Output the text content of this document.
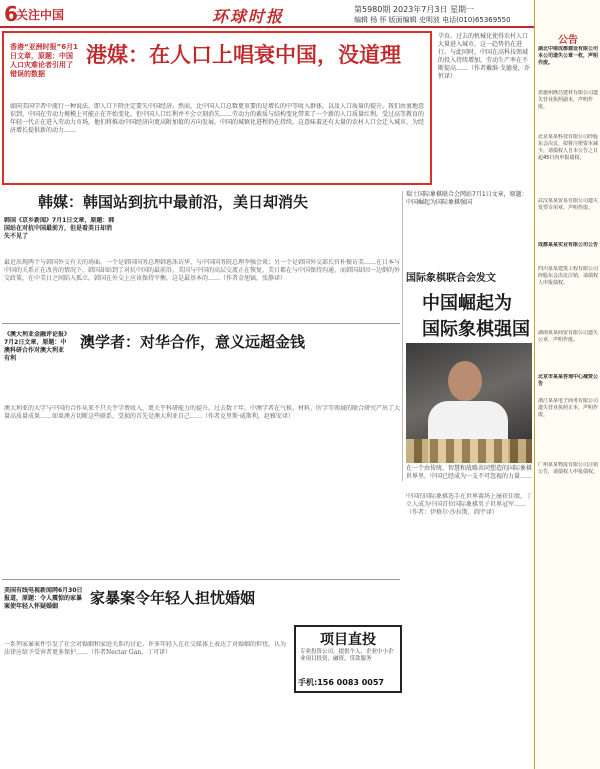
6
关注中国	环球时报	第5980期 2023年7月3日 星期一
编辑 杨 怀 版面编辑 史明波 电话(010)65369550
香港“亚洲时报”6月1日文章，原题：中国人口灾难论者引用了错误的数据
港媒：在人口上唱衰中国，没道理
如同美国学者中流行一种说法，即人口下降注定要失中国经济。然而，比中国人口总数更重要的是增长的中等收入群体，以及人口质量的提升。我们由衷地意识到，中国在劳动力规模上可能正在开始变化，但中国人口红利并不会立刻消失……劳动力的素质与结构变化带来了一个新的人口质量红利。受过高等教育的年轻一代正在进入劳动力市场，他们将推动中国经济向更高附加值的方向发展。中国的城镇化进程仍在持续，这意味着还有大量的农村人口会迁入城市，为经济增长提供新的动力……
孕育。过去的机械化使得农村人口大量进入城市，这一趋势仍在进行。与此同时，中国在高科技领域的投入持续增加，劳动生产率在不断提高……（作者戴维·戈德曼，乔恒译）
韩媒：韩国站到抗中最前沿，美日却消失
韩国《京乡新闻》7月1日文章，原题：韩国站在对抗中国最前方，但是看美日却消失不见了
最近出现两个与韩国外交有关的场面。一个是韩国国务总理韩悳洙访华，与中国国务院总理李强会谈；另一个是韩国外交部长官朴振访美……在日本与中国的关系正在改善的情况下，韩国却站到了对抗中国的最前沿。美国与中国的高层交流正在恢复，美日都在与中国保持沟通，而韩国却因一边倒的外交政策，在中美日之间陷入孤立。韩国在外交上应该保持平衡，这是最基本的……（作者金旭镐，张静译）
瑞士国际象棋联合会网站7月1日文章，原题：中国崛起为国际象棋强国
国际象棋联合会发文
中国崛起为
国际象棋强国
在一个由传统、智慧和战略共同塑造的国际象棋世界里，中国已经成为一支不可忽视的力量……
中国的国际象棋选手在世界赛场上屡获佳绩，丁立人成为中国首位国际象棋男子世界冠军……（作者：伊格尔·沙拉斯，阎宇译）
《澳大利亚金融评论报》7月2日文章，原题：中澳科研合作对澳大利亚有利
澳学者：对华合作，意义远超金钱
澳大利亚的大学与中国的合作从来不只关乎学费收入，更关乎科研能力的提升。过去数十年，中澳学者在气候、材料、医学等领域的联合研究产出了大量高质量成果……如果澳方切断这些联系，受损的首先是澳大利亚自己……（作者克里斯·威斯利，赵雅安译）
美国有线电视新闻网6月30日报道，原题：令人震惊的家暴案使年轻人怀疑婚姻	家暴案令年轻人担忧婚姻
一系列家暴案件引发了社会对婚姻和家庭关系的讨论。许多年轻人在社交媒体上表达了对婚姻的担忧，认为法律应给予受害者更多保护……（作者Nectar Gan，丁可译）
项目直投
专业投资公司，提供个人、企业中小企业项目投资，融资，贷款服务
手机:156 0083 0057
公告
湖北中南成都建设有限公司本公司遗失公章一枚，声明作废。
恩施州隆昌建材有限公司遗失营业执照副本，声明作废。
北京某某科技有限公司经股东会决议，拟将注册资本减少，请债权人自本公告之日起45日内申报债权。
武汉某某贸易有限公司遗失发票专用章，声明作废。
成都某某实业有限公司公告
四川某某建筑工程有限公司经股东会决议注销，请债权人申报债权。
湖南某某商贸有限公司遗失公章，声明作废。
北京市某某咨询中心减资公告
浙江某某电子商务有限公司遗失营业执照正本，声明作废。
广州某某物流有限公司注销公告，请债权人申报债权。
